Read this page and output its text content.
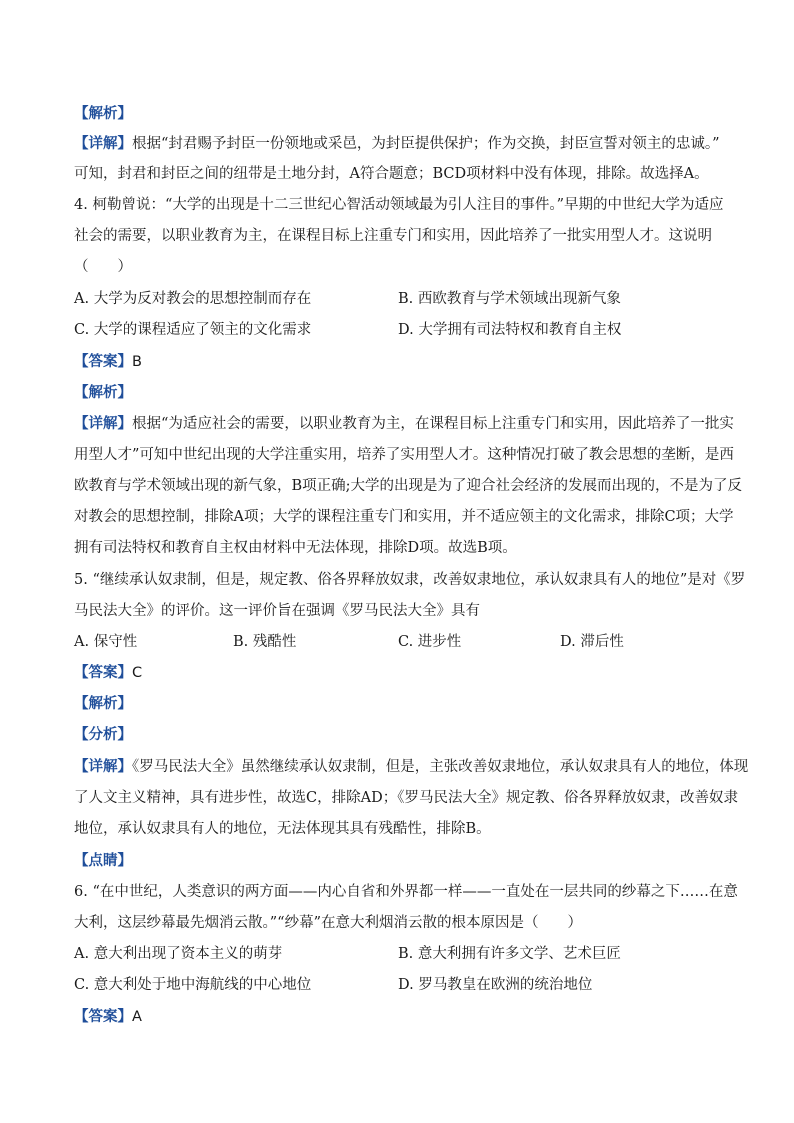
【解析】
【详解】根据“封君赐予封臣一份领地或采邑，为封臣提供保护；作为交换，封臣宣誓对领主的忠诚。”
可知，封君和封臣之间的纽带是土地分封，A符合题意；BCD项材料中没有体现，排除。故选择A。
4. 柯勒曾说：“大学的出现是十二三世纪心智活动领域最为引人注目的事件。”早期的中世纪大学为适应
社会的需要，以职业教育为主，在课程目标上注重专门和实用，因此培养了一批实用型人才。这说明
（　　）
A. 大学为反对教会的思想控制而存在	B. 西欧教育与学术领域出现新气象
C. 大学的课程适应了领主的文化需求	D. 大学拥有司法特权和教育自主权
【答案】B
【解析】
【详解】根据“为适应社会的需要，以职业教育为主，在课程目标上注重专门和实用，因此培养了一批实
用型人才”可知中世纪出现的大学注重实用，培养了实用型人才。这种情况打破了教会思想的垄断，是西
欧教育与学术领域出现的新气象，B项正确;大学的出现是为了迎合社会经济的发展而出现的，不是为了反
对教会的思想控制，排除A项；大学的课程注重专门和实用，并不适应领主的文化需求，排除C项；大学
拥有司法特权和教育自主权由材料中无法体现，排除D项。故选B项。
5. “继续承认奴隶制，但是，规定教、俗各界释放奴隶，改善奴隶地位，承认奴隶具有人的地位”是对《罗
马民法大全》的评价。这一评价旨在强调《罗马民法大全》具有
A. 保守性	B. 残酷性	C. 进步性	D. 滞后性
【答案】C
【解析】
【分析】
【详解】《罗马民法大全》虽然继续承认奴隶制，但是，主张改善奴隶地位，承认奴隶具有人的地位，体现
了人文主义精神，具有进步性，故选C，排除AD；《罗马民法大全》规定教、俗各界释放奴隶，改善奴隶
地位，承认奴隶具有人的地位，无法体现其具有残酷性，排除B。
【点睛】
6. “在中世纪，人类意识的两方面——内心自省和外界都一样——一直处在一层共同的纱幕之下……在意
大利，这层纱幕最先烟消云散。”“纱幕”在意大利烟消云散的根本原因是（　　）
A. 意大利出现了资本主义的萌芽	B. 意大利拥有许多文学、艺术巨匠
C. 意大利处于地中海航线的中心地位	D. 罗马教皇在欧洲的统治地位
【答案】A
